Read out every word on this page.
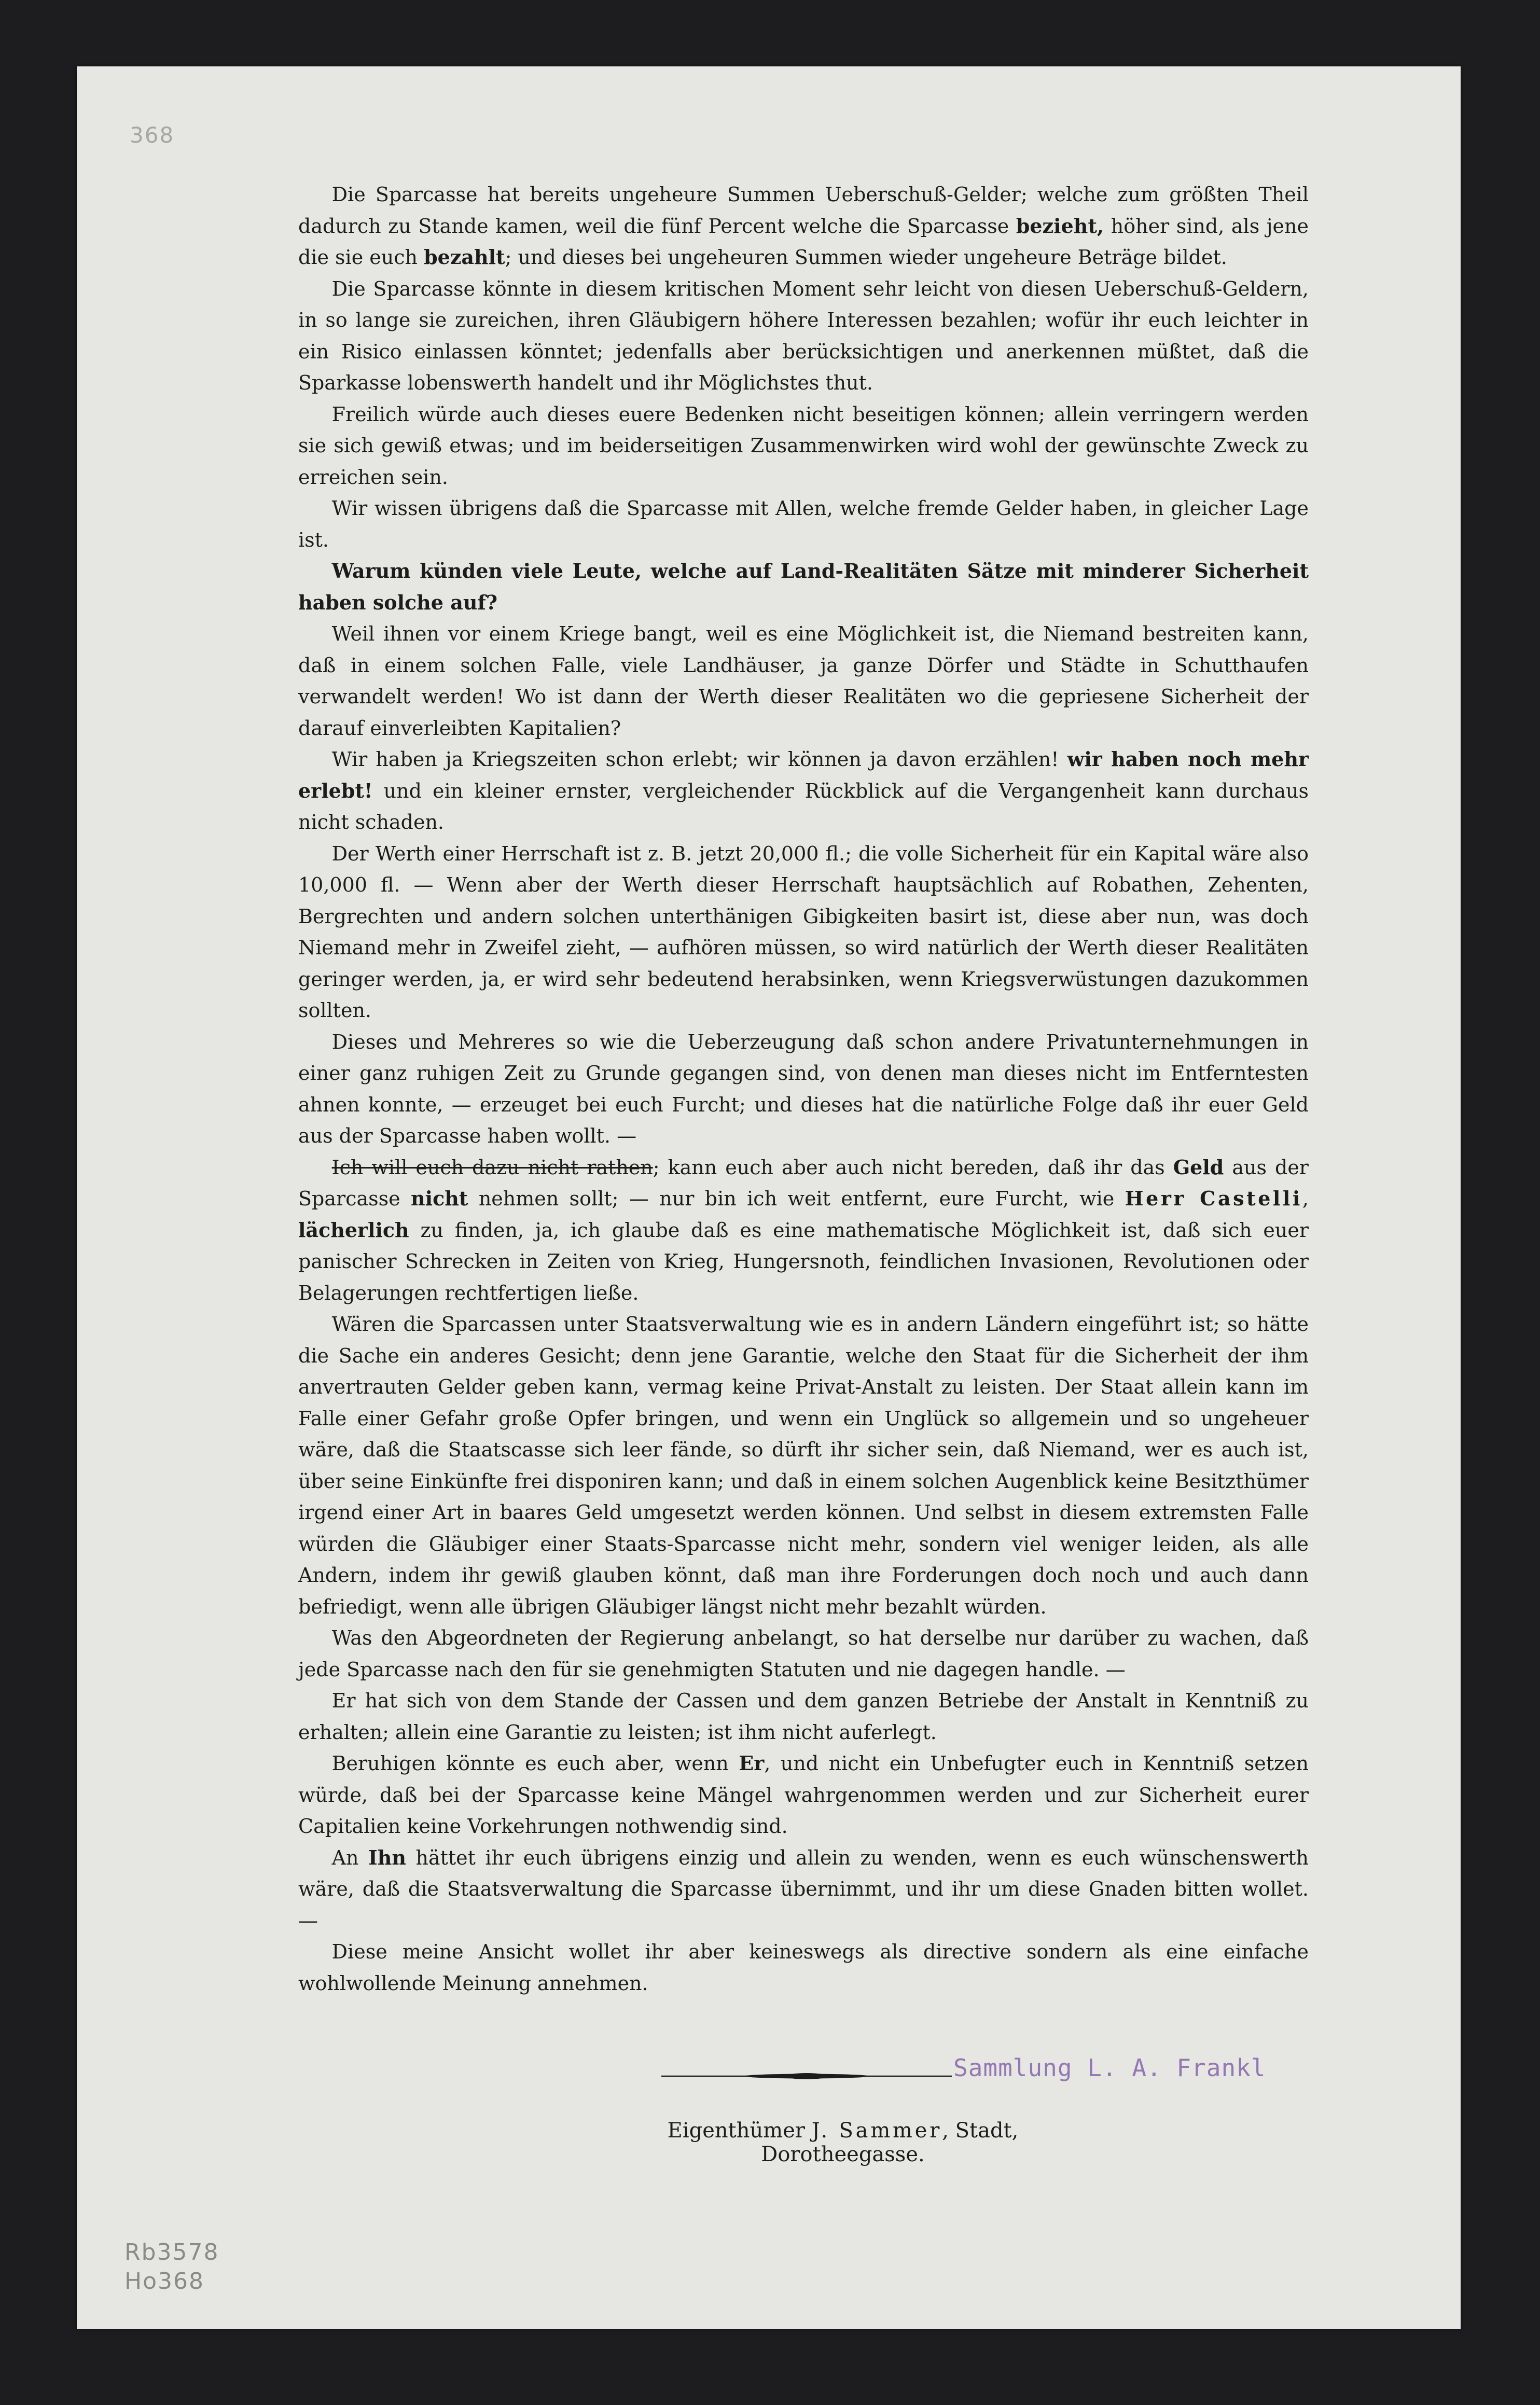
368

Die Sparcasse hat bereits ungeheure Summen Ueberschuß-Gelder; welche zum größten Theil dadurch zu Stande kamen, weil die fünf Percent welche die Sparcasse bezieht, höher sind, als jene die sie euch bezahlt; und dieses bei ungeheuren Summen wieder ungeheure Beträge bildet.

Die Sparcasse könnte in diesem kritischen Moment sehr leicht von diesen Ueberschuß-Geldern, in so lange sie zureichen, ihren Gläubigern höhere Interessen bezahlen; wofür ihr euch leichter in ein Risico einlassen könntet; jedenfalls aber berücksichtigen und anerkennen müßtet, daß die Sparkasse lobenswerth handelt und ihr Möglichstes thut.

Freilich würde auch dieses euere Bedenken nicht beseitigen können; allein verringern werden sie sich gewiß etwas; und im beiderseitigen Zusammenwirken wird wohl der gewünschte Zweck zu erreichen sein.

Wir wissen übrigens daß die Sparcasse mit Allen, welche fremde Gelder haben, in gleicher Lage ist.

Warum künden viele Leute, welche auf Land-Realitäten Sätze mit minderer Sicherheit haben solche auf?

Weil ihnen vor einem Kriege bangt, weil es eine Möglichkeit ist, die Niemand bestreiten kann, daß in einem solchen Falle, viele Landhäuser, ja ganze Dörfer und Städte in Schutthaufen verwandelt werden! Wo ist dann der Werth dieser Realitäten wo die gepriesene Sicherheit der darauf einverleibten Kapitalien?

Wir haben ja Kriegszeiten schon erlebt; wir können ja davon erzählen! wir haben noch mehr erlebt! und ein kleiner ernster, vergleichender Rückblick auf die Vergangenheit kann durchaus nicht schaden.

Der Werth einer Herrschaft ist z. B. jetzt 20,000 fl.; die volle Sicherheit für ein Kapital wäre also 10,000 fl. — Wenn aber der Werth dieser Herrschaft hauptsächlich auf Robathen, Zehenten, Bergrechten und andern solchen unterthänigen Gibigkeiten basirt ist, diese aber nun, was doch Niemand mehr in Zweifel zieht, — aufhören müssen, so wird natürlich der Werth dieser Realitäten geringer werden, ja, er wird sehr bedeutend herabsinken, wenn Kriegsverwüstungen dazukommen sollten.

Dieses und Mehreres so wie die Ueberzeugung daß schon andere Privatunternehmungen in einer ganz ruhigen Zeit zu Grunde gegangen sind, von denen man dieses nicht im Entferntesten ahnen konnte, — erzeuget bei euch Furcht; und dieses hat die natürliche Folge daß ihr euer Geld aus der Sparcasse haben wollt. —

Ich will euch dazu nicht rathen; kann euch aber auch nicht bereden, daß ihr das Geld aus der Sparcasse nicht nehmen sollt; — nur bin ich weit entfernt, eure Furcht, wie Herr Castelli, lächerlich zu finden, ja, ich glaube daß es eine mathematische Möglichkeit ist, daß sich euer panischer Schrecken in Zeiten von Krieg, Hungersnoth, feindlichen Invasionen, Revolutionen oder Belagerungen rechtfertigen ließe.

Wären die Sparcassen unter Staatsverwaltung wie es in andern Ländern eingeführt ist; so hätte die Sache ein anderes Gesicht; denn jene Garantie, welche den Staat für die Sicherheit der ihm anvertrauten Gelder geben kann, vermag keine Privat-Anstalt zu leisten. Der Staat allein kann im Falle einer Gefahr große Opfer bringen, und wenn ein Unglück so allgemein und so ungeheuer wäre, daß die Staatscasse sich leer fände, so dürft ihr sicher sein, daß Niemand, wer es auch ist, über seine Einkünfte frei disponiren kann; und daß in einem solchen Augenblick keine Besitzthümer irgend einer Art in baares Geld umgesetzt werden können. Und selbst in diesem extremsten Falle würden die Gläubiger einer Staats-Sparcasse nicht mehr, sondern viel weniger leiden, als alle Andern, indem ihr gewiß glauben könnt, daß man ihre Forderungen doch noch und auch dann befriedigt, wenn alle übrigen Gläubiger längst nicht mehr bezahlt würden.

Was den Abgeordneten der Regierung anbelangt, so hat derselbe nur darüber zu wachen, daß jede Sparcasse nach den für sie genehmigten Statuten und nie dagegen handle. —

Er hat sich von dem Stande der Cassen und dem ganzen Betriebe der Anstalt in Kenntniß zu erhalten; allein eine Garantie zu leisten; ist ihm nicht auferlegt.

Beruhigen könnte es euch aber, wenn Er, und nicht ein Unbefugter euch in Kenntniß setzen würde, daß bei der Sparcasse keine Mängel wahrgenommen werden und zur Sicherheit eurer Capitalien keine Vorkehrungen nothwendig sind.

An Ihn hättet ihr euch übrigens einzig und allein zu wenden, wenn es euch wünschenswerth wäre, daß die Staatsverwaltung die Sparcasse übernimmt, und ihr um diese Gnaden bitten wollet. —

Diese meine Ansicht wollet ihr aber keineswegs als directive sondern als eine einfache wohlwollende Meinung annehmen.

Sammlung L. A. Frankl
Eigenthümer J. Sammer, Stadt, Dorotheegasse.
Rb3578
Ho368
